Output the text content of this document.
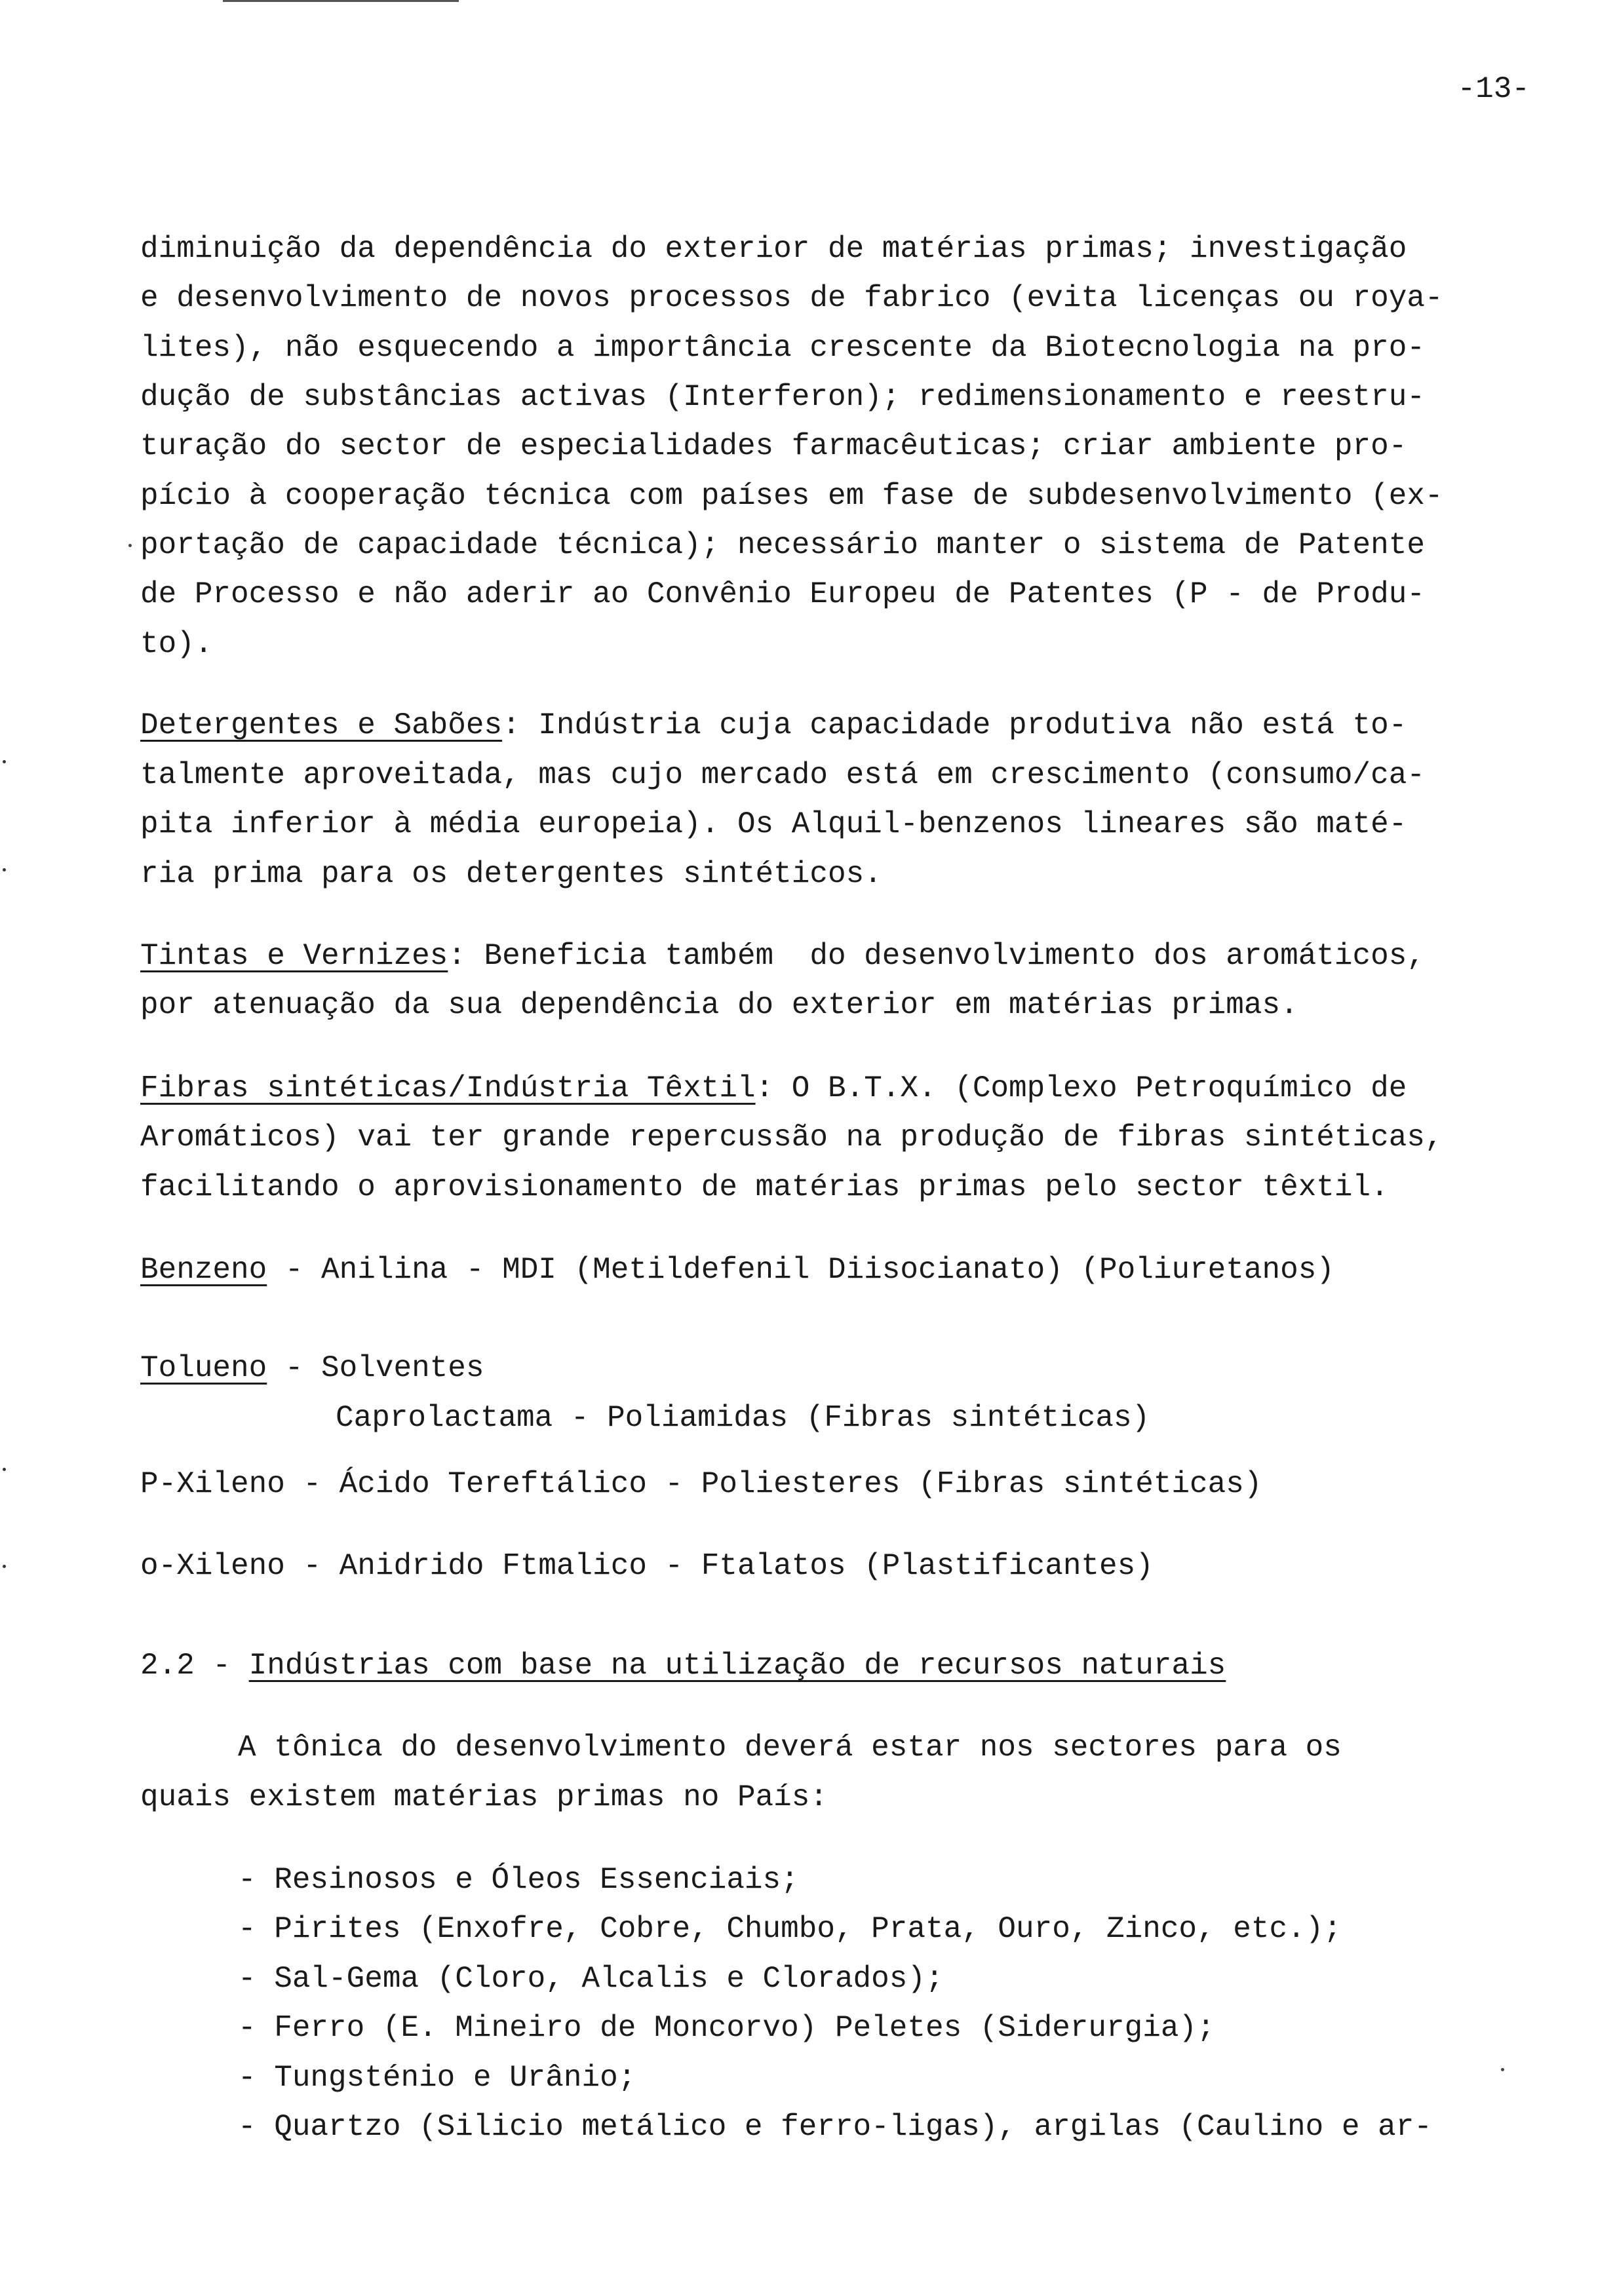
-13-
diminuição da dependência do exterior de matérias primas; investigação
e desenvolvimento de novos processos de fabrico (evita licenças ou roya-
lites), não esquecendo a importância crescente da Biotecnologia na pro-
dução de substâncias activas (Interferon); redimensionamento e reestru-
turação do sector de especialidades farmacêuticas; criar ambiente pro-
pício à cooperação técnica com países em fase de subdesenvolvimento (ex-
portação de capacidade técnica); necessário manter o sistema de Patente
de Processo e não aderir ao Convênio Europeu de Patentes (P - de Produ-
to).
Detergentes e Sabões: Indústria cuja capacidade produtiva não está to-
talmente aproveitada, mas cujo mercado está em crescimento (consumo/ca-
pita inferior à média europeia). Os Alquil-benzenos lineares são maté-
ria prima para os detergentes sintéticos.
Tintas e Vernizes: Beneficia também  do desenvolvimento dos aromáticos,
por atenuação da sua dependência do exterior em matérias primas.
Fibras sintéticas/Indústria Têxtil: O B.T.X. (Complexo Petroquímico de
Aromáticos) vai ter grande repercussão na produção de fibras sintéticas,
facilitando o aprovisionamento de matérias primas pelo sector têxtil.
Benzeno - Anilina - MDI (Metildefenil Diisocianato) (Poliuretanos)
Tolueno - Solventes
Caprolactama - Poliamidas (Fibras sintéticas)
P-Xileno - Ácido Tereftálico - Poliesteres (Fibras sintéticas)
o-Xileno - Anidrido Ftmalico - Ftalatos (Plastificantes)
2.2 - Indústrias com base na utilização de recursos naturais
A tônica do desenvolvimento deverá estar nos sectores para os
quais existem matérias primas no País:
- Resinosos e Óleos Essenciais;
- Pirites (Enxofre, Cobre, Chumbo, Prata, Ouro, Zinco, etc.);
- Sal-Gema (Cloro, Alcalis e Clorados);
- Ferro (E. Mineiro de Moncorvo) Peletes (Siderurgia);
- Tungsténio e Urânio;
- Quartzo (Silicio metálico e ferro-ligas), argilas (Caulino e ar-
